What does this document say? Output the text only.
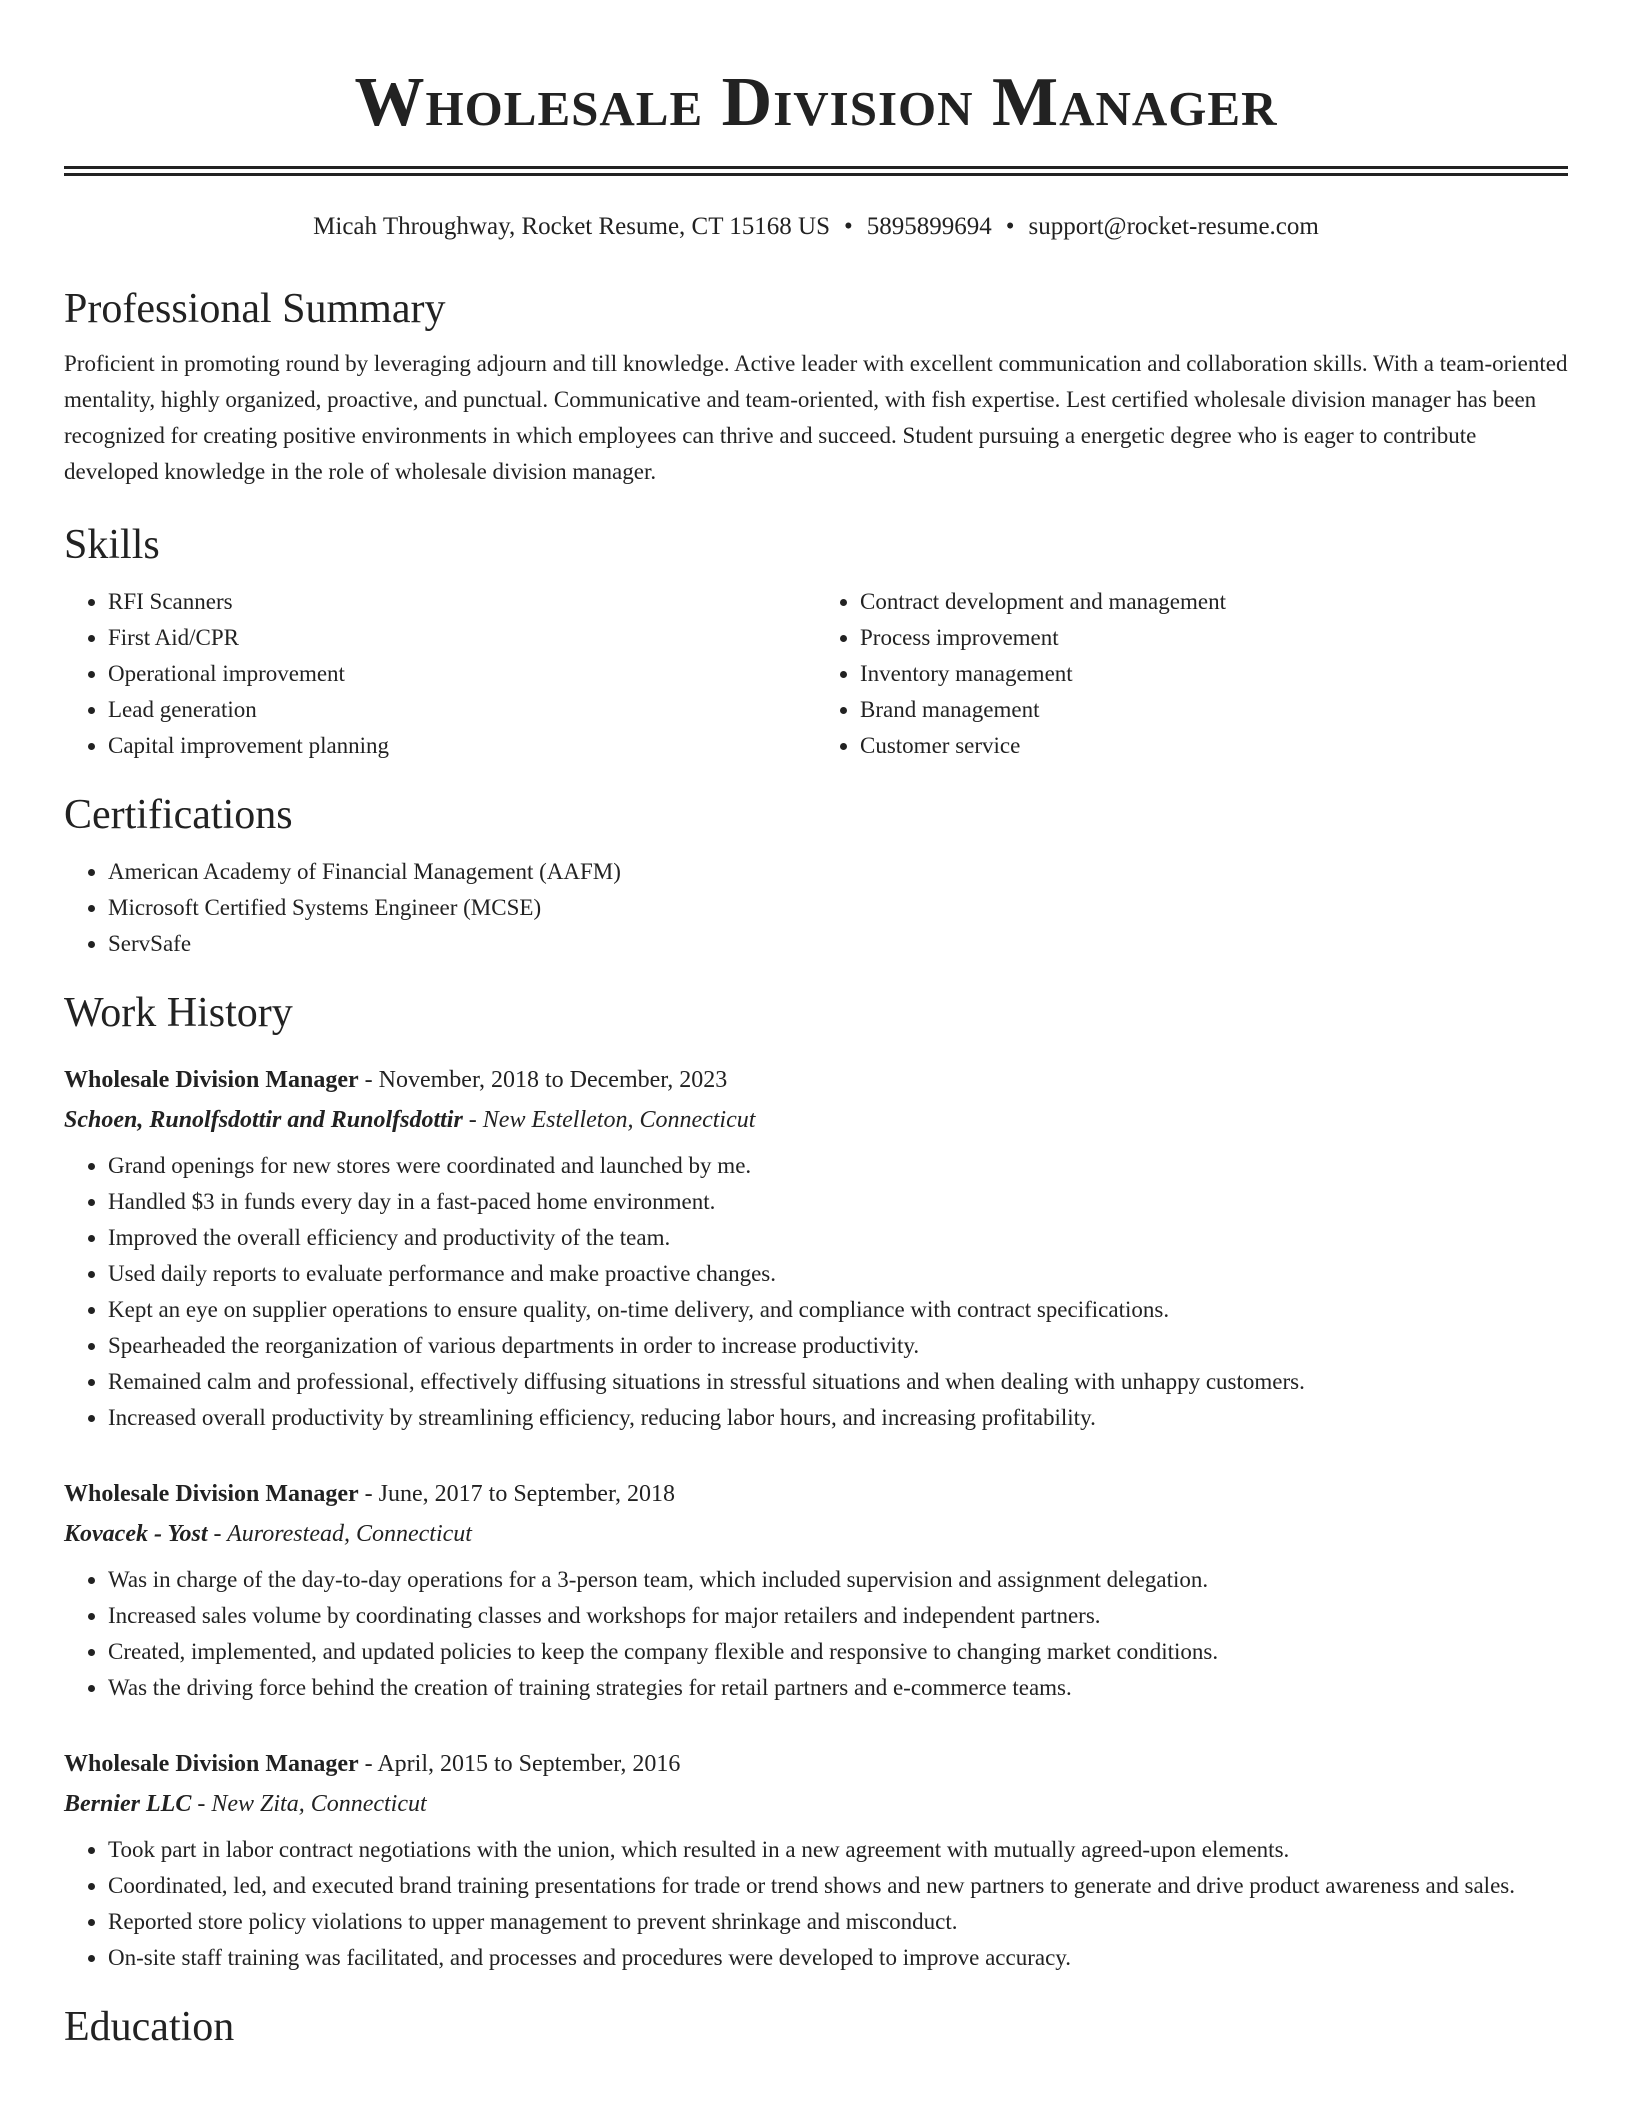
Wholesale Division Manager
Micah Throughway, Rocket Resume, CT 15168 US • 5895899694 • support@rocket-resume.com
Professional Summary

Proficient in promoting round by leveraging adjourn and till knowledge. Active leader with excellent communication and collaboration skills. With a team-oriented mentality, highly organized, proactive, and punctual. Communicative and team-oriented, with fish expertise. Lest certified wholesale division manager has been recognized for creating positive environments in which employees can thrive and succeed. Student pursuing a energetic degree who is eager to contribute developed knowledge in the role of wholesale division manager.

Skills
• RFI Scanners
• First Aid/CPR
• Operational improvement
• Lead generation
• Capital improvement planning
• Contract development and management
• Process improvement
• Inventory management
• Brand management
• Customer service
Certifications
• American Academy of Financial Management (AAFM)
• Microsoft Certified Systems Engineer (MCSE)
• ServSafe
Work History
Wholesale Division Manager - November, 2018 to December, 2023
Schoen, Runolfsdottir and Runolfsdottir - New Estelleton, Connecticut
• Grand openings for new stores were coordinated and launched by me.
• Handled $3 in funds every day in a fast-paced home environment.
• Improved the overall efficiency and productivity of the team.
• Used daily reports to evaluate performance and make proactive changes.
• Kept an eye on supplier operations to ensure quality, on-time delivery, and compliance with contract specifications.
• Spearheaded the reorganization of various departments in order to increase productivity.
• Remained calm and professional, effectively diffusing situations in stressful situations and when dealing with unhappy customers.
• Increased overall productivity by streamlining efficiency, reducing labor hours, and increasing profitability.
Wholesale Division Manager - June, 2017 to September, 2018
Kovacek - Yost - Aurorestead, Connecticut
• Was in charge of the day-to-day operations for a 3-person team, which included supervision and assignment delegation.
• Increased sales volume by coordinating classes and workshops for major retailers and independent partners.
• Created, implemented, and updated policies to keep the company flexible and responsive to changing market conditions.
• Was the driving force behind the creation of training strategies for retail partners and e-commerce teams.
Wholesale Division Manager - April, 2015 to September, 2016
Bernier LLC - New Zita, Connecticut
• Took part in labor contract negotiations with the union, which resulted in a new agreement with mutually agreed-upon elements.
• Coordinated, led, and executed brand training presentations for trade or trend shows and new partners to generate and drive product awareness and sales.
• Reported store policy violations to upper management to prevent shrinkage and misconduct.
• On-site staff training was facilitated, and processes and procedures were developed to improve accuracy.
Education
